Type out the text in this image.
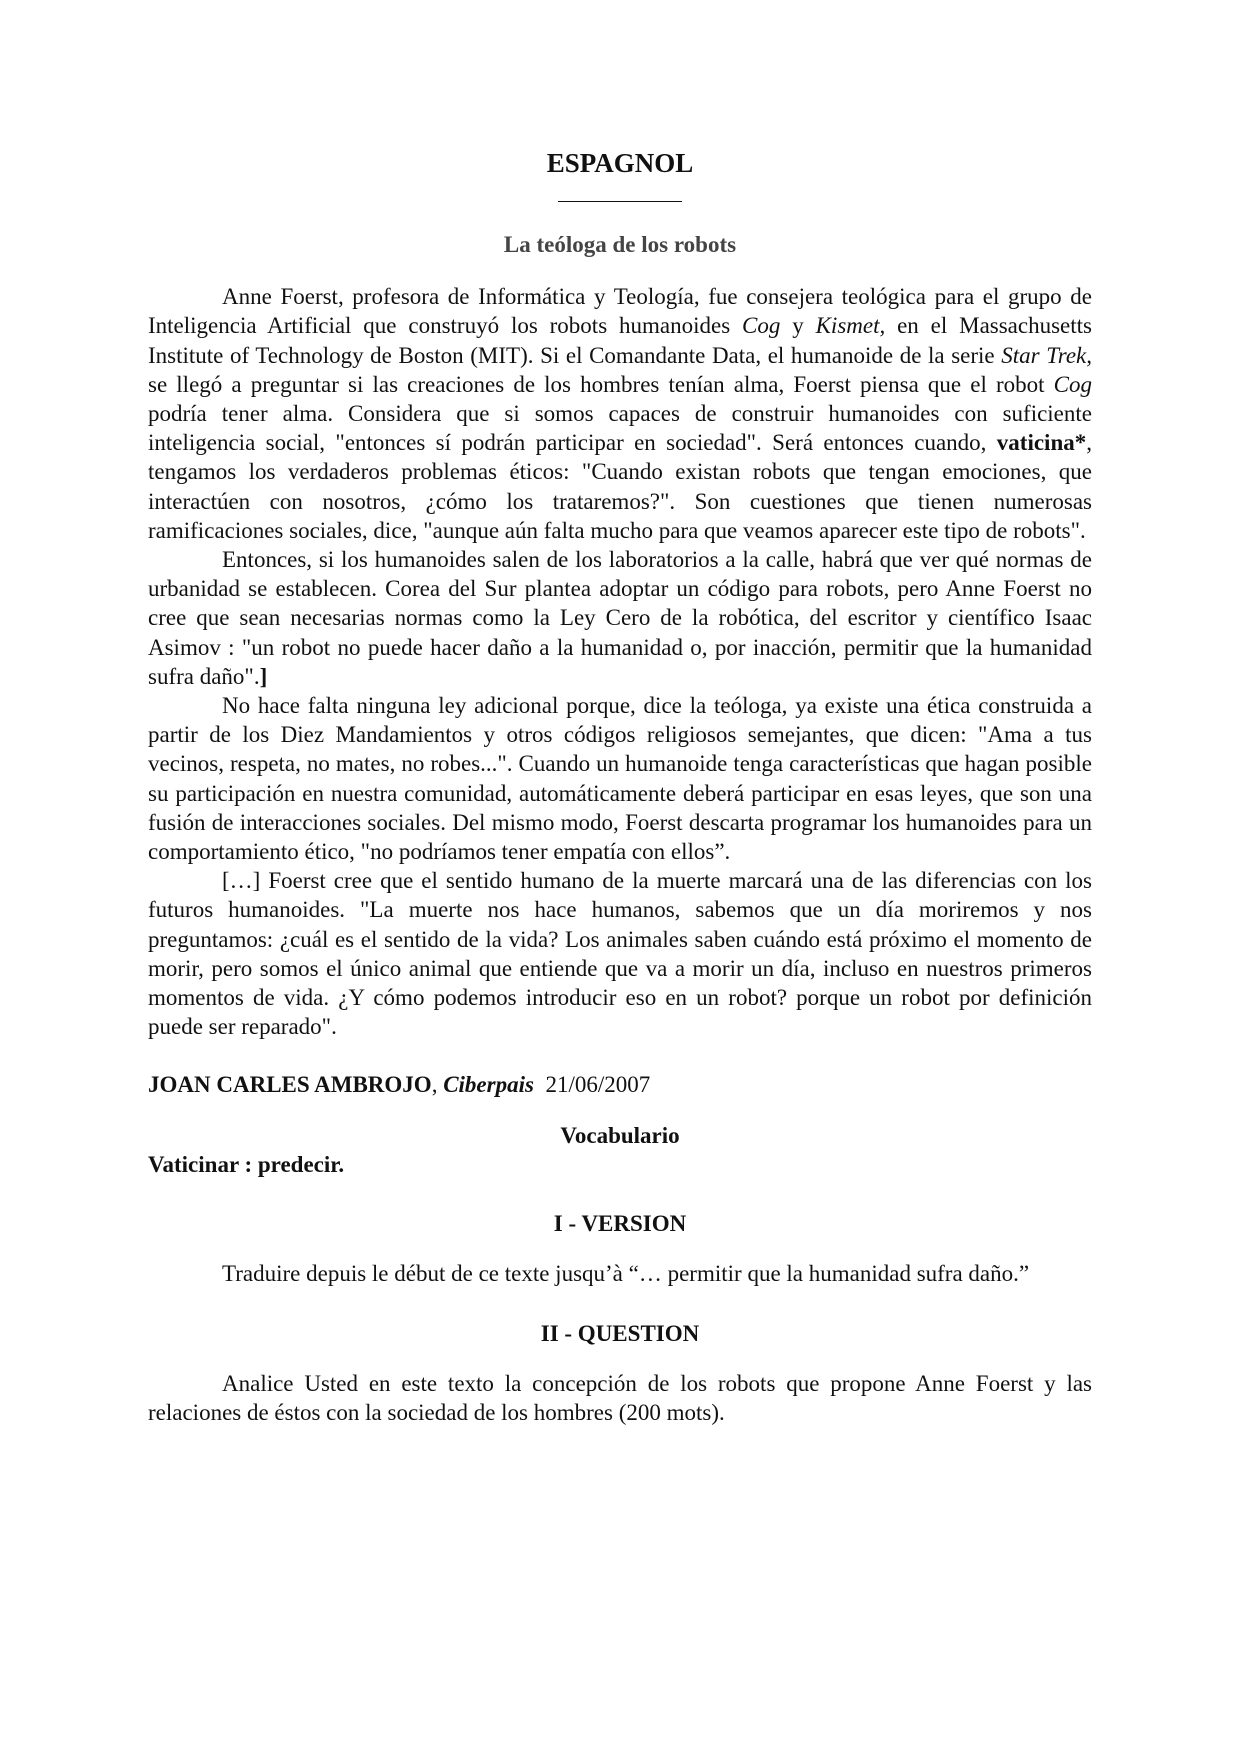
ESPAGNOL
La teóloga de los robots

Anne Foerst, profesora de Informática y Teología, fue consejera teológica para el grupo de Inteligencia Artificial que construyó los robots humanoides Cog y Kismet, en el Massachusetts Institute of Technology de Boston (MIT). Si el Comandante Data, el humanoide de la serie Star Trek, se llegó a preguntar si las creaciones de los hombres tenían alma, Foerst piensa que el robot Cog podría tener alma. Considera que si somos capaces de construir humanoides con suficiente inteligencia social, "entonces sí podrán participar en sociedad". Será entonces cuando, vaticina*, tengamos los verdaderos problemas éticos: "Cuando existan robots que tengan emociones, que interactúen con nosotros, ¿cómo los trataremos?". Son cuestiones que tienen numerosas ramificaciones sociales, dice, "aunque aún falta mucho para que veamos aparecer este tipo de robots".

Entonces, si los humanoides salen de los laboratorios a la calle, habrá que ver qué normas de urbanidad se establecen. Corea del Sur plantea adoptar un código para robots, pero Anne Foerst no cree que sean necesarias normas como la Ley Cero de la robótica, del escritor y científico Isaac Asimov : "un robot no puede hacer daño a la humanidad o, por inacción, permitir que la humanidad sufra daño".]

No hace falta ninguna ley adicional porque, dice la teóloga, ya existe una ética construida a partir de los Diez Mandamientos y otros códigos religiosos semejantes, que dicen: "Ama a tus vecinos, respeta, no mates, no robes...". Cuando un humanoide tenga características que hagan posible su participación en nuestra comunidad, automáticamente deberá participar en esas leyes, que son una fusión de interacciones sociales. Del mismo modo, Foerst descarta programar los humanoides para un comportamiento ético, "no podríamos tener empatía con ellos”.

[…] Foerst cree que el sentido humano de la muerte marcará una de las diferencias con los futuros humanoides. "La muerte nos hace humanos, sabemos que un día moriremos y nos preguntamos: ¿cuál es el sentido de la vida? Los animales saben cuándo está próximo el momento de morir, pero somos el único animal que entiende que va a morir un día, incluso en nuestros primeros momentos de vida. ¿Y cómo podemos introducir eso en un robot? porque un robot por definición puede ser reparado".

JOAN CARLES AMBROJO, Ciberpais 21/06/2007
Vocabulario
Vaticinar : predecir.
I - VERSION
Traduire depuis le début de ce texte jusqu’à “… permitir que la humanidad sufra daño.”
II - QUESTION
Analice Usted en este texto la concepción de los robots que propone Anne Foerst y las relaciones de éstos con la sociedad de los hombres (200 mots).
